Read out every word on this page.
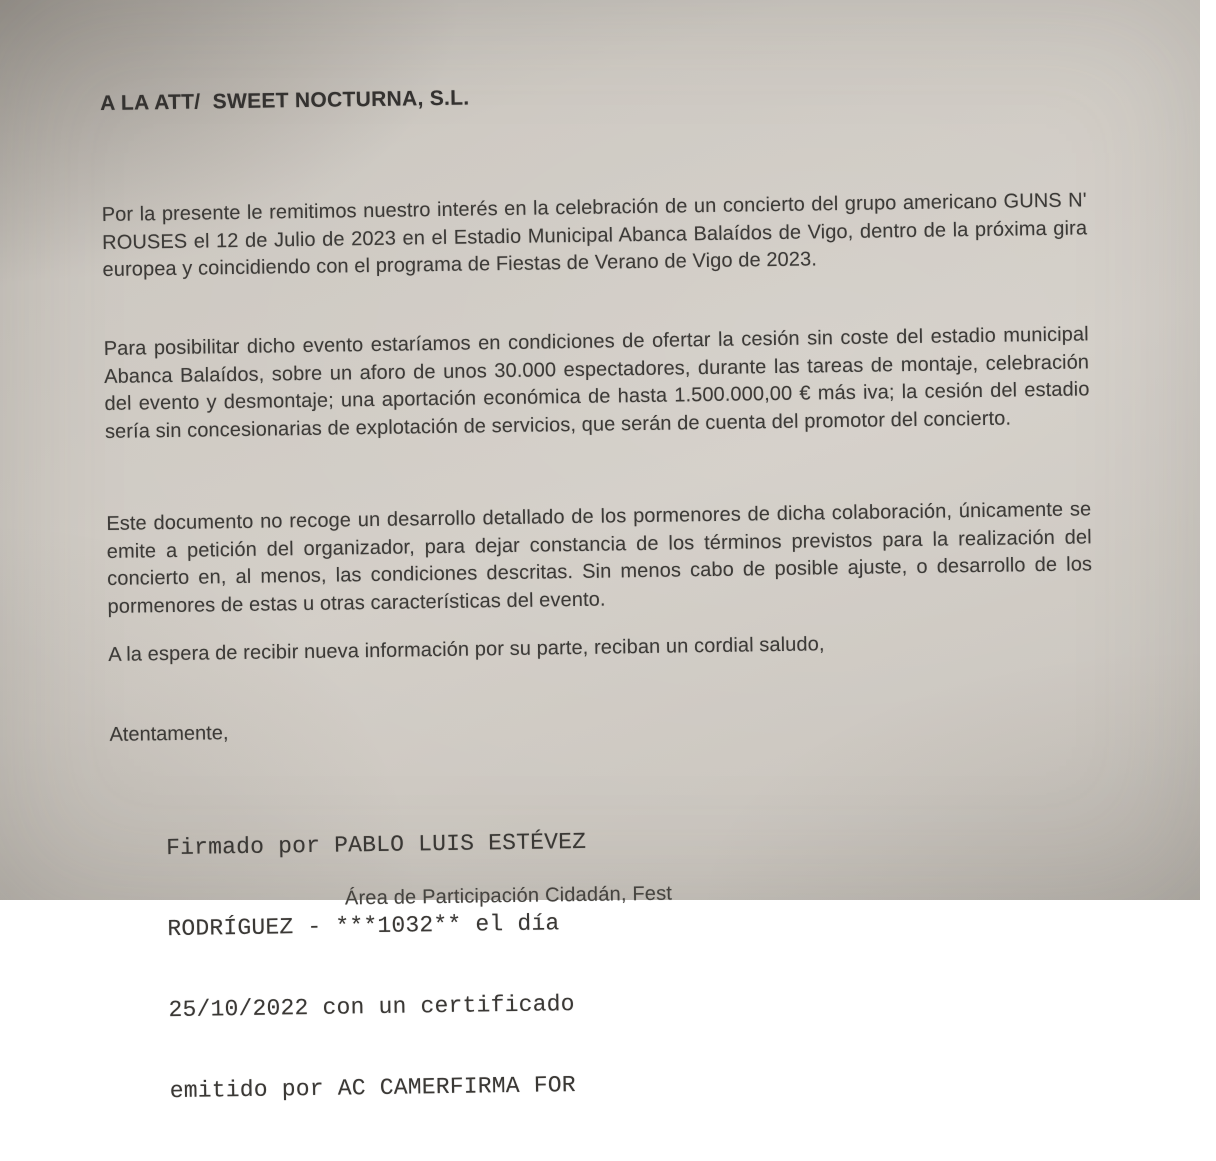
A LA ATT/  SWEET NOCTURNA, S.L.
Por la presente le remitimos nuestro interés en la celebración de un concierto del grupo americano GUNS N' ROUSES el 12 de Julio de 2023 en el Estadio Municipal Abanca Balaídos de Vigo, dentro de la próxima gira europea y coincidiendo con el programa de Fiestas de Verano de Vigo de 2023.
Para posibilitar dicho evento estaríamos en condiciones de ofertar la cesión sin coste del estadio municipal Abanca Balaídos, sobre un aforo de unos 30.000 espectadores, durante las tareas de montaje, celebración del evento y desmontaje; una aportación económica de hasta 1.500.000,00 € más iva; la cesión del estadio sería sin concesionarias de explotación de servicios, que serán de cuenta del promotor del concierto.
Este documento no recoge un desarrollo detallado de los pormenores de dicha colaboración, únicamente se emite a petición del organizador, para dejar constancia de los términos previstos para la realización del concierto en, al menos, las condiciones descritas. Sin menos cabo de posible ajuste, o desarrollo de los pormenores de estas u otras características del evento.
A la espera de recibir nueva información por su parte, reciban un cordial saludo,
Atentamente,

Firmado por PABLO LUIS ESTÉVEZ

RODRÍGUEZ - ***1032** el día

25/10/2022 con un certificado

emitido por AC CAMERFIRMA FOR

Área de Participación Cidadán, Fest
